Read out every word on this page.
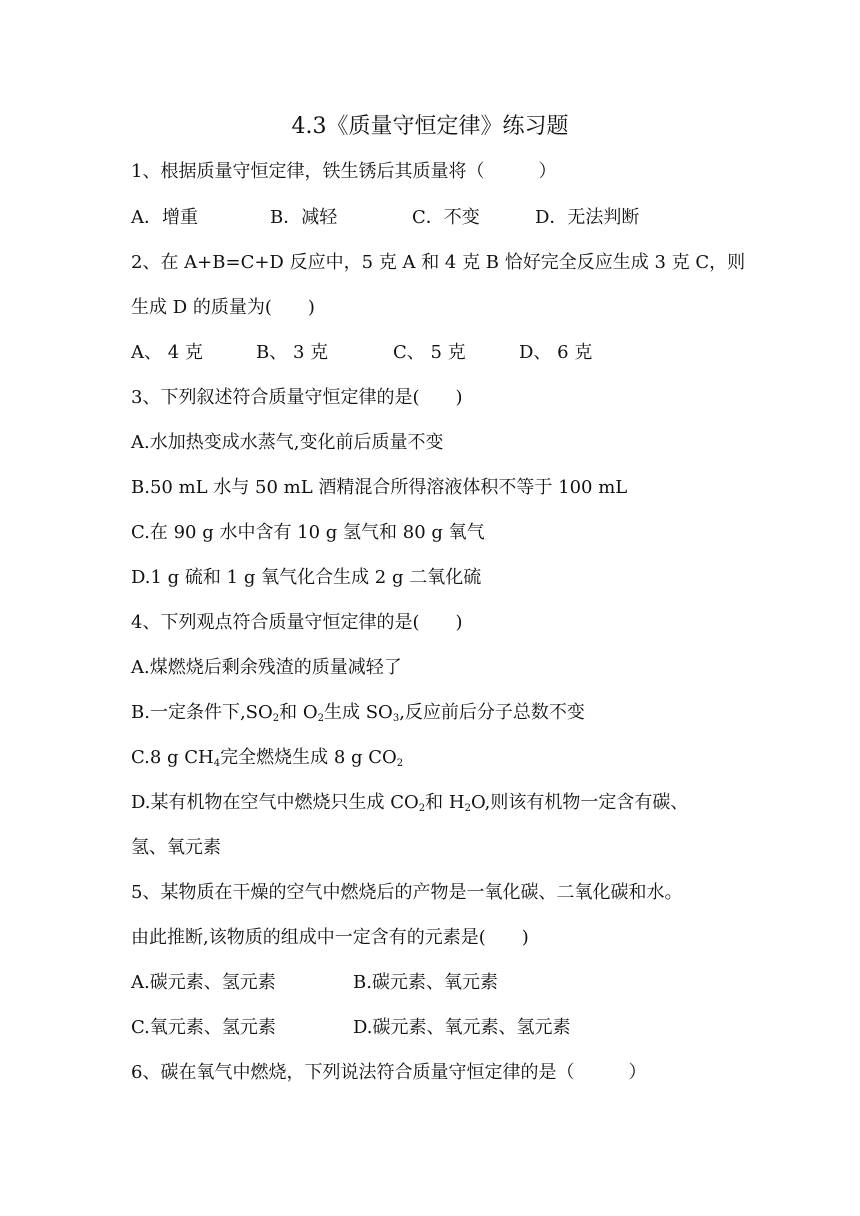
4.3《质量守恒定律》练习题
1、根据质量守恒定律，铁生锈后其质量将（　　　）
A．增重	B．减轻	C．不变	D．无法判断
2、在 A+B=C+D 反应中，5 克 A 和 4 克 B 恰好完全反应生成 3 克 C，则
生成 D 的质量为(　　)
A、 4 克	B、 3 克	C、 5 克	D、 6 克
3、下列叙述符合质量守恒定律的是(　　)
A.水加热变成水蒸气,变化前后质量不变
B.50 mL 水与 50 mL 酒精混合所得溶液体积不等于 100 mL
C.在 90 g 水中含有 10 g 氢气和 80 g 氧气
D.1 g 硫和 1 g 氧气化合生成 2 g 二氧化硫
4、下列观点符合质量守恒定律的是(　　)
A.煤燃烧后剩余残渣的质量减轻了
B.一定条件下$,SO_2$和 $O_2$生成 $SO_3$,反应前后分子总数不变
C.8 g $CH_4$完全燃烧生成 8 g $CO_2$
D.某有机物在空气中燃烧只生成 $CO_2$和 $H_2O$,则该有机物一定含有碳、
氢、氧元素
5、某物质在干燥的空气中燃烧后的产物是一氧化碳、二氧化碳和水。
由此推断,该物质的组成中一定含有的元素是(　　)
A.碳元素、氢元素	B.碳元素、氧元素
C.氧元素、氢元素	D.碳元素、氧元素、氢元素
6、碳在氧气中燃烧，下列说法符合质量守恒定律的是（　　　）
